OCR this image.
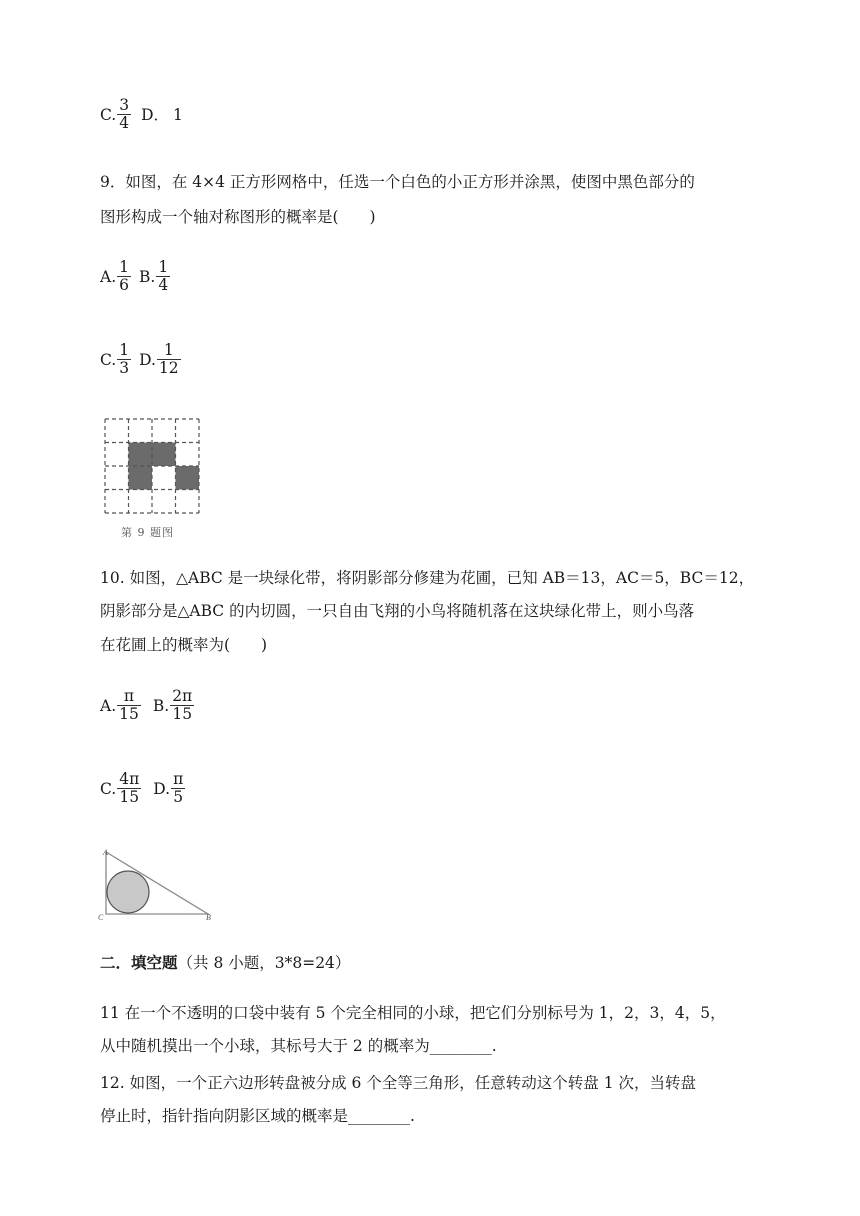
C. $\frac{3}{4}$ D． 1
9．如图，在 4×4 正方形网格中，任选一个白色的小正方形并涂黑，使图中黑色部分的
图形构成一个轴对称图形的概率是(　　)
A. $\frac{1}{6} B$. $\frac{1}{4}$
C. $\frac{1}{3} D$. $\frac{1}{12}$
第 9 题图
10. 如图，△ABC 是一块绿化带，将阴影部分修建为花圃，已知 AB＝13，AC＝5，BC＝12，
阴影部分是△ABC 的内切圆，一只自由飞翔的小鸟将随机落在这块绿化带上，则小鸟落
在花圃上的概率为(　　)
A. $\frac{\pi}{15} B$. $\frac{2\pi}{15}$
C. $\frac{4\pi}{15} D$. $\frac{\pi}{5}$
A
C	B
二．填空题（共 8 小题，3*8=24）
11 在一个不透明的口袋中装有 5 个完全相同的小球，把它们分别标号为 1，2，3，4，5，
从中随机摸出一个小球，其标号大于 2 的概率为________.
12. 如图，一个正六边形转盘被分成 6 个全等三角形，任意转动这个转盘 1 次，当转盘
停止时，指针指向阴影区域的概率是________.
